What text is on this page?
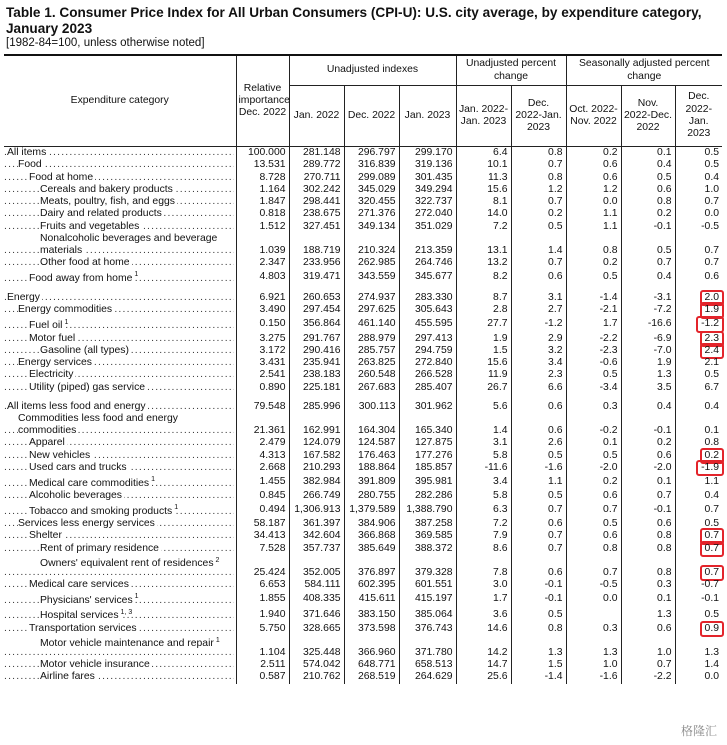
Table 1. Consumer Price Index for All Urban Consumers (CPI-U): U.S. city average, by expenditure category, January 2023
[1982-84=100, unless otherwise noted]
Expenditure category	Relative importance Dec. 2022	Unadjusted indexes			Unadjusted percent change		Seasonally adjusted percent change		
		Jan. 2022	Dec. 2022	Jan. 2023	Jan. 2022-Jan. 2023	Dec. 2022-Jan. 2023	Oct. 2022-Nov. 2022	Nov. 2022-Dec. 2022	Dec. 2022-Jan. 2023
All items .....	100.000	281.148	296.797	299.170	6.4	0.8	0.2	0.1	0.5
Food .....	13.531	289.772	316.839	319.136	10.1	0.7	0.6	0.4	0.5
Food at home .....	8.728	270.711	299.089	301.435	11.3	0.8	0.6	0.5	0.4
Cereals and bakery products .....	1.164	302.242	345.029	349.294	15.6	1.2	1.2	0.6	1.0
Meats, poultry, fish, and eggs .....	1.847	298.441	320.455	322.737	8.1	0.7	0.0	0.8	0.7
Dairy and related products .....	0.818	238.675	271.376	272.040	14.0	0.2	1.1	0.2	0.0
Fruits and vegetables .....	1.512	327.451	349.134	351.029	7.2	0.5	1.1	-0.1	-0.5
Nonalcoholic beverages and beverage materials .....	1.039	188.719	210.324	213.359	13.1	1.4	0.8	0.5	0.7
Other food at home .....	2.347	233.956	262.985	264.746	13.2	0.7	0.2	0.7	0.7
Food away from home $^1$ .....	4.803	319.471	343.559	345.677	8.2	0.6	0.5	0.4	0.6

Energy .....	6.921	260.653	274.937	283.330	8.7	3.1	-1.4	-3.1	2.0
Energy commodities .....	3.490	297.454	297.625	305.643	2.8	2.7	-2.1	-7.2	1.9
Fuel oil $^1$ .....	0.150	356.864	461.140	455.595	27.7	-1.2	1.7	-16.6	-1.2
Motor fuel .....	3.275	291.767	288.979	297.413	1.9	2.9	-2.2	-6.9	2.3
Gasoline (all types) .....	3.172	290.416	285.757	294.759	1.5	3.2	-2.3	-7.0	2.4
Energy services .....	3.431	235.941	263.825	272.840	15.6	3.4	-0.6	1.9	2.1
Electricity .....	2.541	238.183	260.548	266.528	11.9	2.3	0.5	1.3	0.5
Utility (piped) gas service .....	0.890	225.181	267.683	285.407	26.7	6.6	-3.4	3.5	6.7

All items less food and energy .....	79.548	285.996	300.113	301.962	5.6	0.6	0.3	0.4	0.4
Commodities less food and energy commodities .....	21.361	162.991	164.304	165.340	1.4	0.6	-0.2	-0.1	0.1
Apparel .....	2.479	124.079	124.587	127.875	3.1	2.6	0.1	0.2	0.8
New vehicles .....	4.313	167.582	176.463	177.276	5.8	0.5	0.5	0.6	0.2
Used cars and trucks .....	2.668	210.293	188.864	185.857	-11.6	-1.6	-2.0	-2.0	-1.9
Medical care commodities $^1$ .....	1.455	382.984	391.809	395.981	3.4	1.1	0.2	0.1	1.1
Alcoholic beverages .....	0.845	266.749	280.755	282.286	5.8	0.5	0.6	0.7	0.4
Tobacco and smoking products $^1$ .....	0.494	1,306.913	1,379.589	1,388.790	6.3	0.7	0.7	-0.1	0.7
Services less energy services .....	58.187	361.397	384.906	387.258	7.2	0.6	0.5	0.6	0.5
Shelter .....	34.413	342.604	366.868	369.585	7.9	0.7	0.6	0.8	0.7
Rent of primary residence .....	7.528	357.737	385.649	388.372	8.6	0.7	0.8	0.8	0.7
Owners' equivalent rent of residences $^2$ .....	25.424	352.005	376.897	379.328	7.8	0.6	0.7	0.8	0.7
Medical care services .....	6.653	584.111	602.395	601.551	3.0	-0.1	-0.5	0.3	-0.7
Physicians' services $^1$ .....	1.855	408.335	415.611	415.197	1.7	-0.1	0.0	0.1	-0.1
Hospital services $^{1, 3}$ .....	1.940	371.646	383.150	385.064	3.6	0.5		1.3	0.5
Transportation services .....	5.750	328.665	373.598	376.743	14.6	0.8	0.3	0.6	0.9
Motor vehicle maintenance and repair $^1$ .....	1.104	325.448	366.960	371.780	14.2	1.3	1.3	1.0	1.3
Motor vehicle insurance .....	2.511	574.042	648.771	658.513	14.7	1.5	1.0	0.7	1.4
Airline fares .....	0.587	210.762	268.519	264.629	25.6	-1.4	-1.6	-2.2	0.0
格隆汇
